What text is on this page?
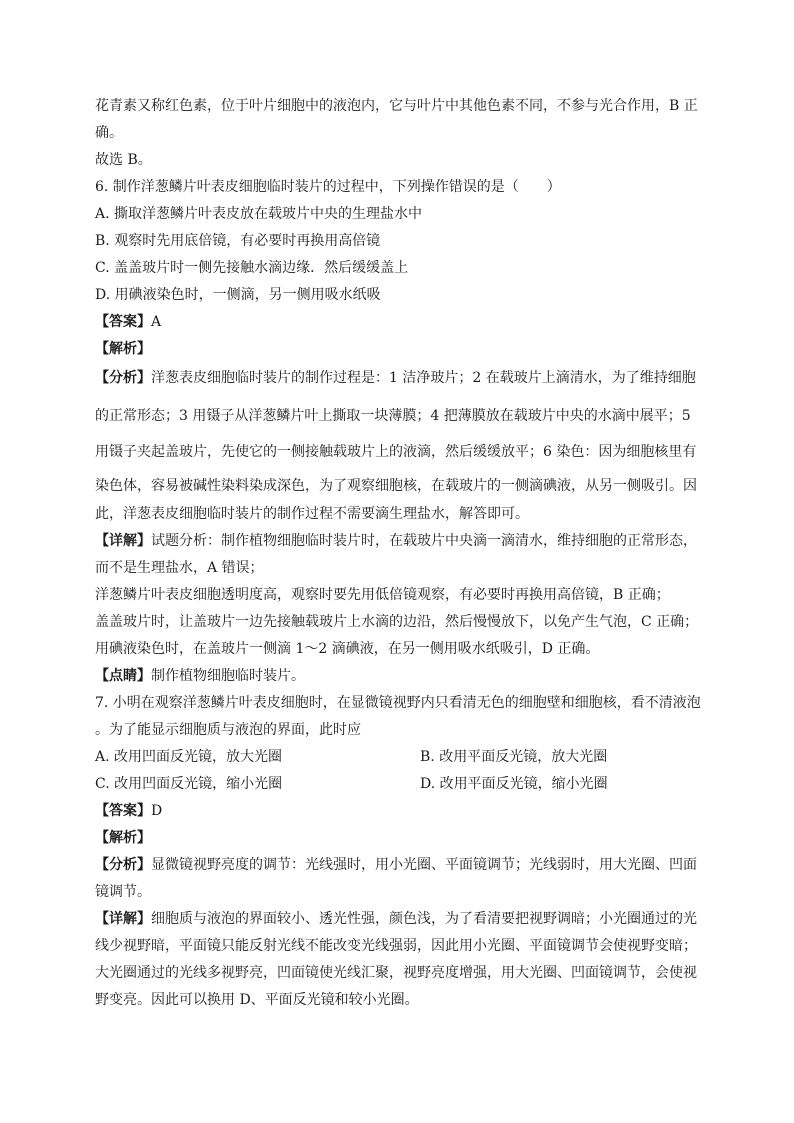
花青素又称红色素，位于叶片细胞中的液泡内，它与叶片中其他色素不同，不参与光合作用，B 正
确。
故选 B。
6. 制作洋葱鳞片叶表皮细胞临时装片的过程中，下列操作错误的是（　　）
A. 撕取洋葱鳞片叶表皮放在载玻片中央的生理盐水中
B. 观察时先用底倍镜，有必要时再换用高倍镜
C. 盖盖玻片时一侧先接触水滴边缘．然后缓缓盖上
D. 用碘液染色时，一侧滴，另一侧用吸水纸吸
【答案】A
【解析】
【分析】洋葱表皮细胞临时装片的制作过程是：1 洁净玻片；2 在载玻片上滴清水，为了维持细胞
的正常形态；3 用镊子从洋葱鳞片叶上撕取一块薄膜；4 把薄膜放在载玻片中央的水滴中展平；5
用镊子夹起盖玻片，先使它的一侧接触载玻片上的液滴，然后缓缓放平；6 染色：因为细胞核里有
染色体，容易被碱性染料染成深色，为了观察细胞核，在载玻片的一侧滴碘液，从另一侧吸引。因
此，洋葱表皮细胞临时装片的制作过程不需要滴生理盐水，解答即可。
【详解】试题分析：制作植物细胞临时装片时，在载玻片中央滴一滴清水，维持细胞的正常形态，
而不是生理盐水，A 错误；
洋葱鳞片叶表皮细胞透明度高，观察时要先用低倍镜观察，有必要时再换用高倍镜，B 正确；
盖盖玻片时，让盖玻片一边先接触载玻片上水滴的边沿，然后慢慢放下，以免产生气泡，C 正确；
用碘液染色时，在盖玻片一侧滴 1～2 滴碘液，在另一侧用吸水纸吸引，D 正确。
【点睛】制作植物细胞临时装片。
7. 小明在观察洋葱鳞片叶表皮细胞时，在显微镜视野内只看清无色的细胞壁和细胞核，看不清液泡
。为了能显示细胞质与液泡的界面，此时应
A. 改用凹面反光镜，放大光圈	B. 改用平面反光镜，放大光圈
C. 改用凹面反光镜，缩小光圈	D. 改用平面反光镜，缩小光圈
【答案】D
【解析】
【分析】显微镜视野亮度的调节：光线强时，用小光圈、平面镜调节；光线弱时，用大光圈、凹面
镜调节。
【详解】细胞质与液泡的界面较小、透光性强，颜色浅，为了看清要把视野调暗；小光圈通过的光
线少视野暗，平面镜只能反射光线不能改变光线强弱，因此用小光圈、平面镜调节会使视野变暗；
大光圈通过的光线多视野亮，凹面镜使光线汇聚，视野亮度增强，用大光圈、凹面镜调节，会使视
野变亮。因此可以换用 D、平面反光镜和较小光圈。
